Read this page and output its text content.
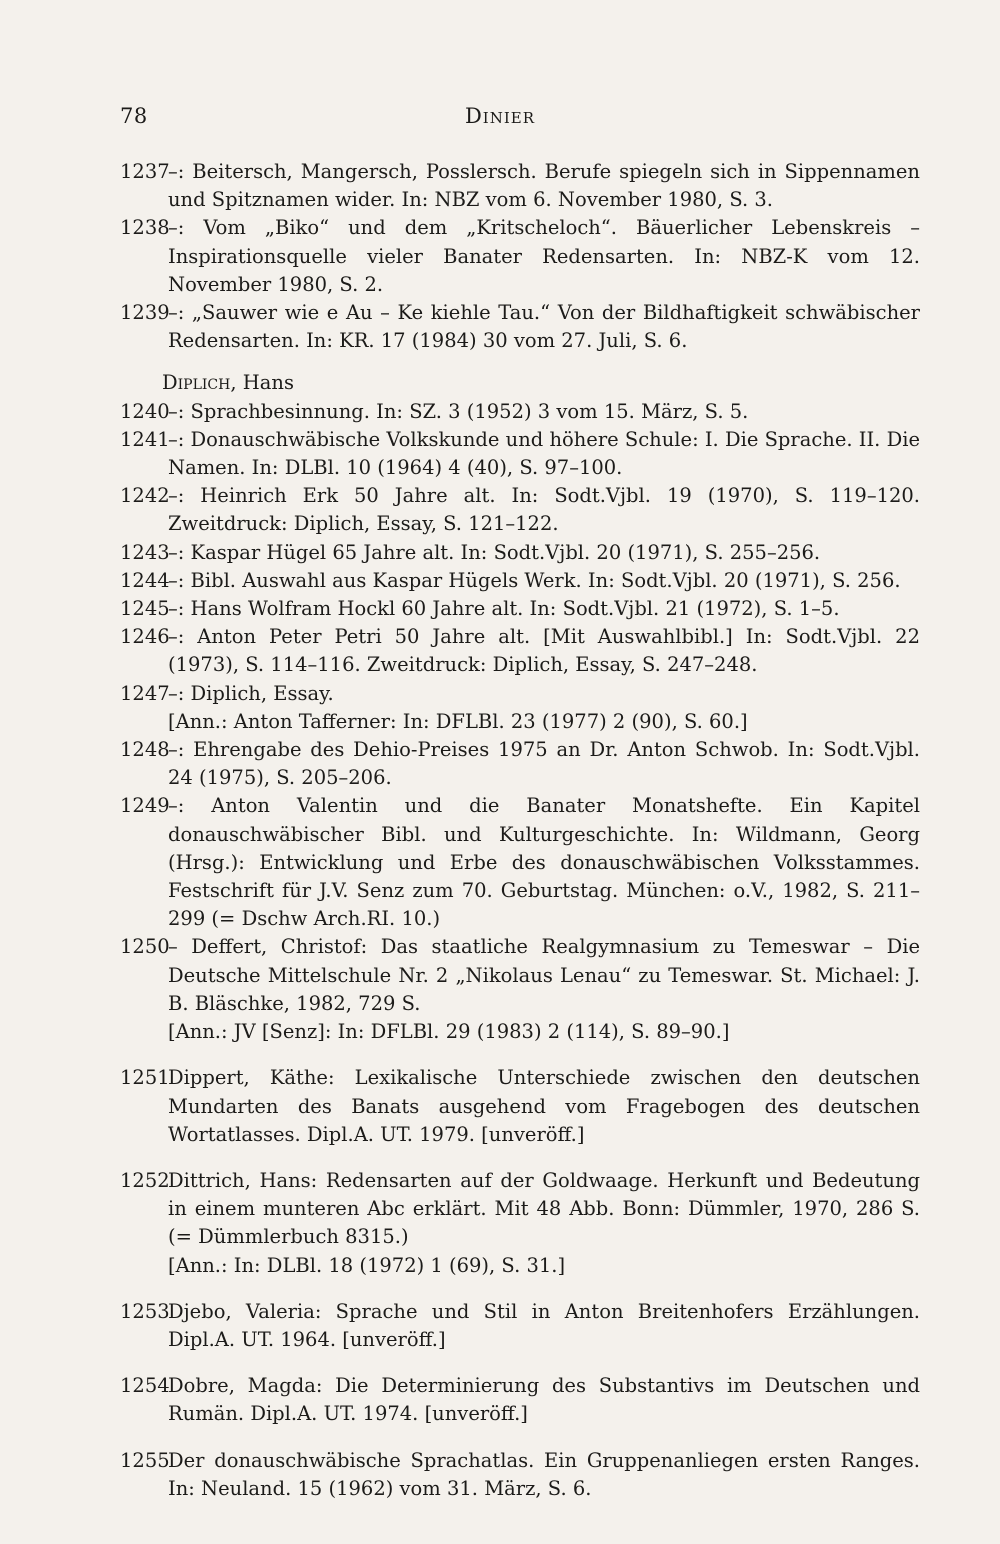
78	Dinier
1237
–: Beitersch, Mangersch, Posslersch. Berufe spiegeln sich in Sippennamen und Spitznamen wider. In: NBZ vom 6. November 1980, S. 3.
1238
–: Vom „Biko“ und dem „Kritscheloch“. Bäuerlicher Lebenskreis – Inspirationsquelle vieler Banater Redensarten. In: NBZ-K vom 12. November 1980, S. 2.
1239
–: „Sauwer wie e Au – Ke kiehle Tau.“ Von der Bildhaftigkeit schwäbischer Redensarten. In: KR. 17 (1984) 30 vom 27. Juli, S. 6.
Diplich, Hans
1240
–: Sprachbesinnung. In: SZ. 3 (1952) 3 vom 15. März, S. 5.
1241
–: Donauschwäbische Volkskunde und höhere Schule: I. Die Sprache. II. Die Namen. In: DLBl. 10 (1964) 4 (40), S. 97–100.
1242
–: Heinrich Erk 50 Jahre alt. In: Sodt.Vjbl. 19 (1970), S. 119–120. Zweitdruck: Diplich, Essay, S. 121–122.
1243
–: Kaspar Hügel 65 Jahre alt. In: Sodt.Vjbl. 20 (1971), S. 255–256.
1244
–: Bibl. Auswahl aus Kaspar Hügels Werk. In: Sodt.Vjbl. 20 (1971), S. 256.
1245
–: Hans Wolfram Hockl 60 Jahre alt. In: Sodt.Vjbl. 21 (1972), S. 1–5.
1246
–: Anton Peter Petri 50 Jahre alt. [Mit Auswahlbibl.] In: Sodt.Vjbl. 22 (1973), S. 114–116. Zweitdruck: Diplich, Essay, S. 247–248.
1247
–: Diplich, Essay.
[Ann.: Anton Tafferner: In: DFLBl. 23 (1977) 2 (90), S. 60.]
1248
–: Ehrengabe des Dehio-Preises 1975 an Dr. Anton Schwob. In: Sodt.Vjbl. 24 (1975), S. 205–206.
1249
–: Anton Valentin und die Banater Monatshefte. Ein Kapitel donauschwäbischer Bibl. und Kulturgeschichte. In: Wildmann, Georg (Hrsg.): Entwicklung und Erbe des donauschwäbischen Volksstammes. Festschrift für J.V. Senz zum 70. Geburtstag. München: o.V., 1982, S. 211–299 (= Dschw Arch.RI. 10.)
1250
– Deffert, Christof: Das staatliche Realgymnasium zu Temeswar – Die Deutsche Mittelschule Nr. 2 „Nikolaus Lenau“ zu Temeswar. St. Michael: J. B. Bläschke, 1982, 729 S.
[Ann.: JV [Senz]: In: DFLBl. 29 (1983) 2 (114), S. 89–90.]
1251
Dippert, Käthe: Lexikalische Unterschiede zwischen den deutschen Mundarten des Banats ausgehend vom Fragebogen des deutschen Wortatlasses. Dipl.A. UT. 1979. [unveröff.]
1252
Dittrich, Hans: Redensarten auf der Goldwaage. Herkunft und Bedeutung in einem munteren Abc erklärt. Mit 48 Abb. Bonn: Dümmler, 1970, 286 S. (= Dümmlerbuch 8315.)
[Ann.: In: DLBl. 18 (1972) 1 (69), S. 31.]
1253
Djebo, Valeria: Sprache und Stil in Anton Breitenhofers Erzählungen. Dipl.A. UT. 1964. [unveröff.]
1254
Dobre, Magda: Die Determinierung des Substantivs im Deutschen und Rumän. Dipl.A. UT. 1974. [unveröff.]
1255
Der donauschwäbische Sprachatlas. Ein Gruppenanliegen ersten Ranges. In: Neuland. 15 (1962) vom 31. März, S. 6.
